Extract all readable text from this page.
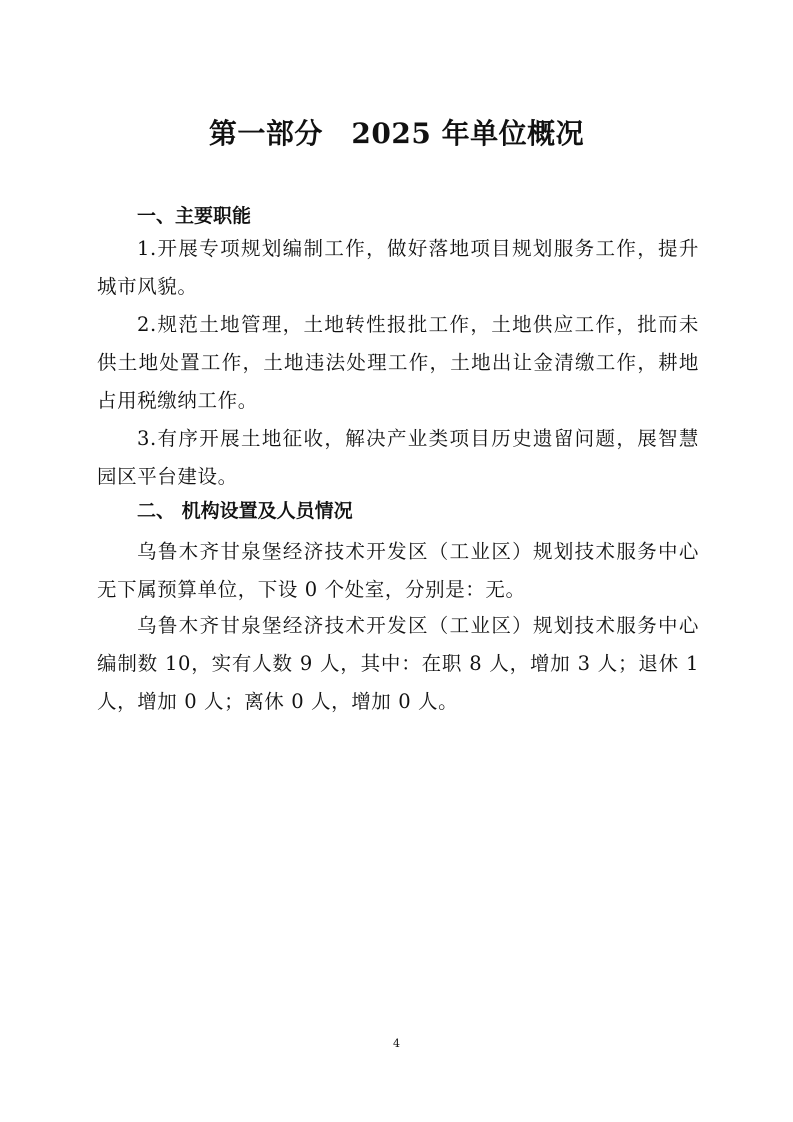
第一部分　2025 年单位概况
一、主要职能
1.开展专项规划编制工作，做好落地项目规划服务工作，提升城市风貌。
2.规范土地管理，土地转性报批工作，土地供应工作，批而未供土地处置工作，土地违法处理工作，土地出让金清缴工作，耕地占用税缴纳工作。
3.有序开展土地征收，解决产业类项目历史遗留问题，展智慧园区平台建设。
二、 机构设置及人员情况
乌鲁木齐甘泉堡经济技术开发区（工业区）规划技术服务中心无下属预算单位，下设 0 个处室，分别是：无。
乌鲁木齐甘泉堡经济技术开发区（工业区）规划技术服务中心编制数 10，实有人数 9 人，其中：在职 8 人，增加 3 人；退休 1 人，增加 0 人；离休 0 人，增加 0 人。
4
